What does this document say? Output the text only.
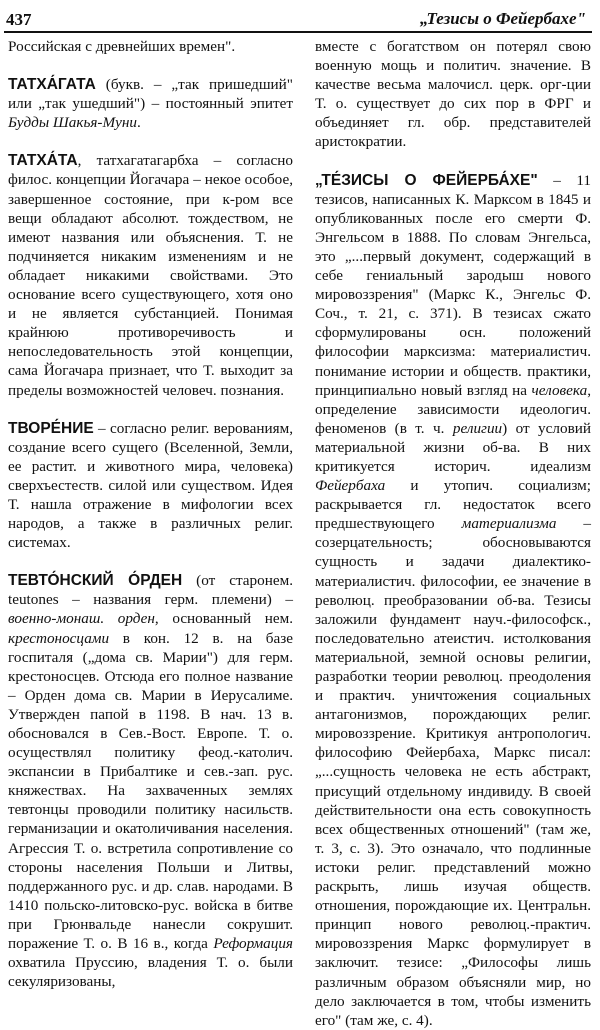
437	„Тезисы о Фейербахе"

Российская с древнейших времен".

ТАТХА́ГАТА (букв. – „так пришедший" или „так ушедший") – постоянный эпитет Будды Шакья-Муни.

ТАТХА́ТА, татхагатагарбха – согласно филос. концепции Йогачара – некое особое, завершенное состояние, при к-ром все вещи обладают абсолют. тождеством, не имеют названия или объяснения. Т. не подчиняется никаким изменениям и не обладает никакими свойствами. Это основание всего существующего, хотя оно и не является субстанцией. Понимая крайнюю противоречивость и непоследовательность этой концепции, сама Йогачара признает, что Т. выходит за пределы возможностей человеч. познания.

ТВОРЕ́НИЕ – согласно религ. верованиям, создание всего сущего (Вселенной, Земли, ее растит. и животного мира, человека) сверхъестеств. силой или существом. Идея Т. нашла отражение в мифологии всех народов, а также в различных религ. системах.

ТЕВТО́НСКИЙ О́РДЕН (от старонем. teutones – названия герм. племени) – военно-монаш. орден, основанный нем. крестоносцами в кон. 12 в. на базе госпиталя („дома св. Марии") для герм. крестоносцев. Отсюда его полное название – Орден дома св. Марии в Иерусалиме. Утвержден папой в 1198. В нач. 13 в. обосновался в Сев.-Вост. Европе. Т. о. осуществлял политику феод.-католич. экспансии в Прибалтике и сев.-зап. рус. княжествах. На захваченных землях тевтонцы проводили политику насильств. германизации и окатоличивания населения. Агрессия Т. о. встретила сопротивление со стороны населения Польши и Литвы, поддержанного рус. и др. слав. народами. В 1410 польско-литовско-рус. войска в битве при Грюнвальде нанесли сокрушит. поражение Т. о. В 16 в., когда Реформация охватила Пруссию, владения Т. о. были секуляризованы,

вместе с богатством он потерял свою военную мощь и политич. значение. В качестве весьма малочисл. церк. орг-ции Т. о. существует до сих пор в ФРГ и объединяет гл. обр. представителей аристократии.

„ТЕ́ЗИСЫ О ФЕЙЕРБА́ХЕ" – 11 тезисов, написанных К. Марксом в 1845 и опубликованных после его смерти Ф. Энгельсом в 1888. По словам Энгельса, это „...первый документ, содержащий в себе гениальный зародыш нового мировоззрения" (Маркс К., Энгельс Ф. Соч., т. 21, с. 371). В тезисах сжато сформулированы осн. положений философии марксизма: материалистич. понимание истории и обществ. практики, принципиально новый взгляд на человека, определение зависимости идеологич. феноменов (в т. ч. религии) от условий материальной жизни об-ва. В них критикуется историч. идеализм Фейербаха и утопич. социализм; раскрывается гл. недостаток всего предшествующего материализма – созерцательность; обосновываются сущность и задачи диалектико-материалистич. философии, ее значение в революц. преобразовании об-ва. Тезисы заложили фундамент науч.-философск., последовательно атеистич. истолкования материальной, земной основы религии, разработки теории революц. преодоления и практич. уничтожения социальных антагонизмов, порождающих религ. мировоззрение. Критикуя антропологич. философию Фейербаха, Маркс писал: „...сущность человека не есть абстракт, присущий отдельному индивиду. В своей действительности она есть совокупность всех общественных отношений" (там же, т. 3, с. 3). Это означало, что подлинные истоки религ. представлений можно раскрыть, лишь изучая обществ. отношения, порождающие их. Центральн. принцип нового революц.-практич. мировоззрения Маркс формулирует в заключит. тезисе: „Философы лишь различным образом объясняли мир, но дело заключается в том, чтобы изменить его" (там же, с. 4).
